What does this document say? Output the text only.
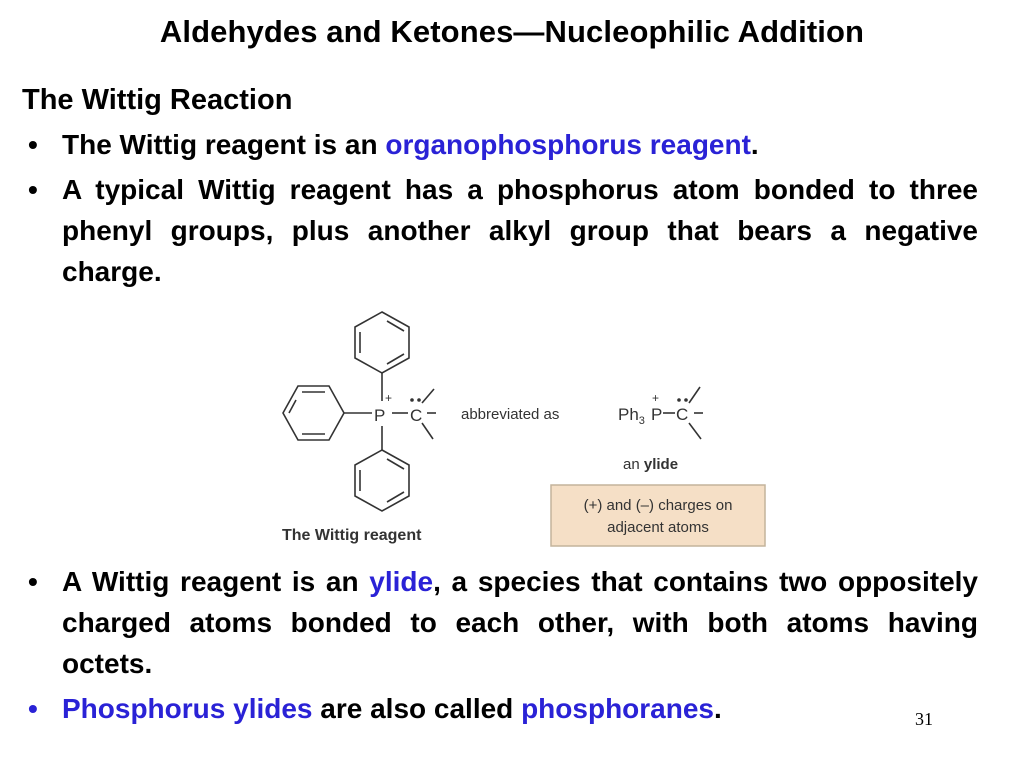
Aldehydes and Ketones—Nucleophilic Addition
The Wittig Reaction
• The Wittig reagent is an organophosphorus reagent.
• A typical Wittig reagent has a phosphorus atom bonded to three phenyl groups, plus another alkyl group that bears a negative charge.
P
+
C	abbreviated as	$Ph_3$ P
+
C
an ylide
The Wittig reagent
(+) and (–) charges on
adjacent atoms
• A Wittig reagent is an ylide, a species that contains two oppositely charged atoms bonded to each other, with both atoms having octets.
• Phosphorus ylides are also called phosphoranes.	31
